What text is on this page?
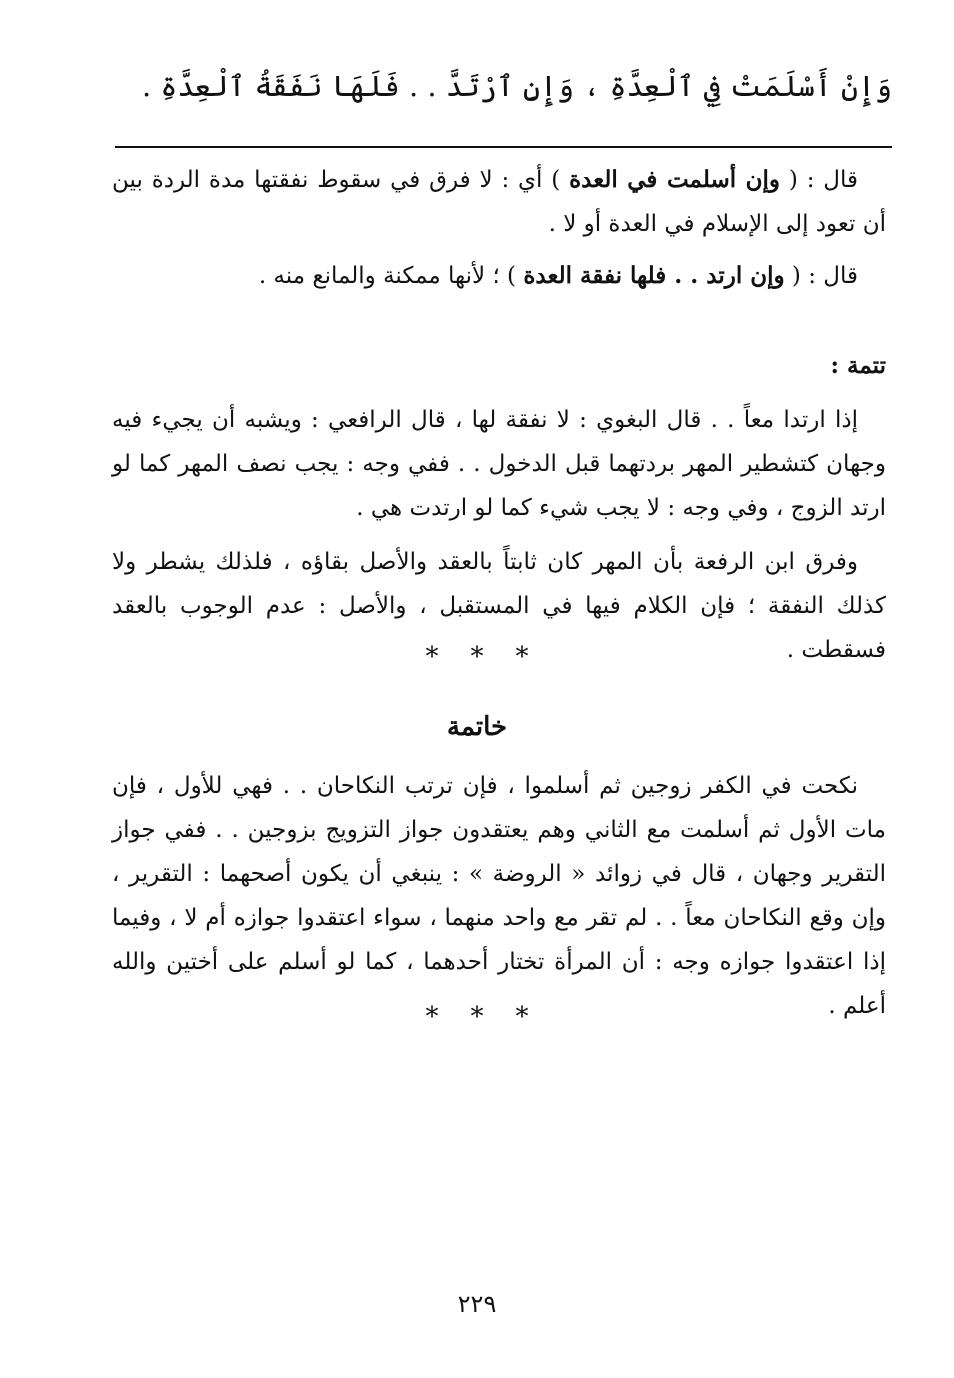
وَإِنْ أَسْلَمَتْ فِي ٱلْعِدَّةِ ، وَإِنِ ٱرْتَدَّ . . فَلَهَا نَفَقَةُ ٱلْعِدَّةِ .
قال : ( وإن أسلمت في العدة ) أي : لا فرق في سقوط نفقتها مدة الردة بين أن تعود إلى الإسلام في العدة أو لا .
قال : ( وإن ارتد . . فلها نفقة العدة ) ؛ لأنها ممكنة والمانع منه .
تتمة :
إذا ارتدا معاً . . قال البغوي : لا نفقة لها ، قال الرافعي : ويشبه أن يجيء فيه وجهان كتشطير المهر بردتهما قبل الدخول . . ففي وجه : يجب نصف المهر كما لو ارتد الزوج ، وفي وجه : لا يجب شيء كما لو ارتدت هي .
وفرق ابن الرفعة بأن المهر كان ثابتاً بالعقد والأصل بقاؤه ، فلذلك يشطر ولا كذلك النفقة ؛ فإن الكلام فيها في المستقبل ، والأصل : عدم الوجوب بالعقد فسقطت .
* * *
خاتمة
نكحت في الكفر زوجين ثم أسلموا ، فإن ترتب النكاحان . . فهي للأول ، فإن مات الأول ثم أسلمت مع الثاني وهم يعتقدون جواز التزويج بزوجين . . ففي جواز التقرير وجهان ، قال في زوائد « الروضة » : ينبغي أن يكون أصحهما : التقرير ، وإن وقع النكاحان معاً . . لم تقر مع واحد منهما ، سواء اعتقدوا جوازه أم لا ، وفيما إذا اعتقدوا جوازه وجه : أن المرأة تختار أحدهما ، كما لو أسلم على أختين والله أعلم .
* * *
٢٢٩
